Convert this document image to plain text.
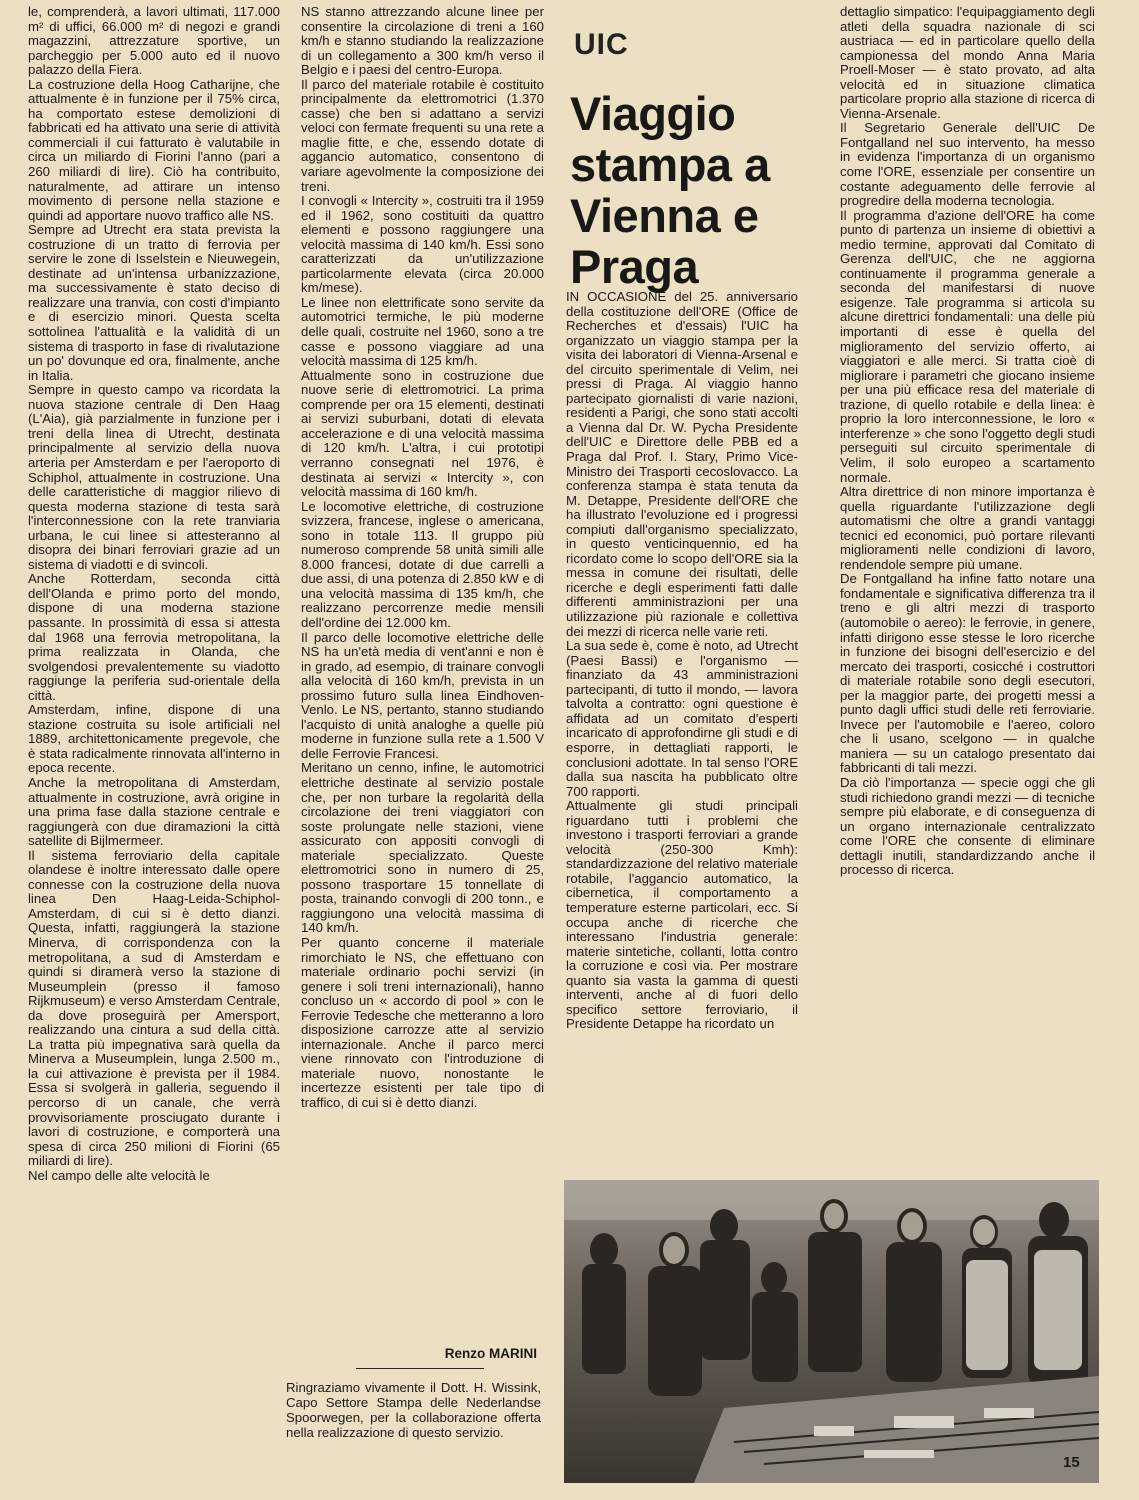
le, comprenderà, a lavori ultimati, 117.000 m² di uffici, 66.000 m² di negozi e grandi magazzini, attrezzature sportive, un parcheggio per 5.000 auto ed il nuovo palazzo della Fiera.

La costruzione della Hoog Catharijne, che attualmente è in funzione per il 75% circa, ha comportato estese demolizioni di fabbricati ed ha attivato una serie di attività commerciali il cui fatturato è valutabile in circa un miliardo di Fiorini l'anno (pari a 260 miliardi di lire). Ciò ha contribuito, naturalmente, ad attirare un intenso movimento di persone nella stazione e quindi ad apportare nuovo traffico alle NS.

Sempre ad Utrecht era stata prevista la costruzione di un tratto di ferrovia per servire le zone di Isselstein e Nieuwegein, destinate ad un'intensa urbanizzazione, ma successivamente è stato deciso di realizzare una tranvia, con costi d'impianto e di esercizio minori. Questa scelta sottolinea l'attualità e la validità di un sistema di trasporto in fase di rivalutazione un po' dovunque ed ora, finalmente, anche in Italia.

Sempre in questo campo va ricordata la nuova stazione centrale di Den Haag (L'Aia), già parzialmente in funzione per i treni della linea di Utrecht, destinata principalmente al servizio della nuova arteria per Amsterdam e per l'aeroporto di Schiphol, attualmente in costruzione. Una delle caratteristiche di maggior rilievo di questa moderna stazione di testa sarà l'interconnessione con la rete tranviaria urbana, le cui linee si attesteranno al disopra dei binari ferroviari grazie ad un sistema di viadotti e di svincoli.

Anche Rotterdam, seconda città dell'Olanda e primo porto del mondo, dispone di una moderna stazione passante. In prossimità di essa si attesta dal 1968 una ferrovia metropolitana, la prima realizzata in Olanda, che svolgendosi prevalentemente su viadotto raggiunge la periferia sud-orientale della città.

Amsterdam, infine, dispone di una stazione costruita su isole artificiali nel 1889, architettonicamente pregevole, che è stata radicalmente rinnovata all'interno in epoca recente.

Anche la metropolitana di Amsterdam, attualmente in costruzione, avrà origine in una prima fase dalla stazione centrale e raggiungerà con due diramazioni la città satellite di Bijlmermeer.

Il sistema ferroviario della capitale olandese è inoltre interessato dalle opere connesse con la costruzione della nuova linea Den Haag-Leida-Schiphol-Amsterdam, di cui si è detto dianzi. Questa, infatti, raggiungerà la stazione Minerva, di corrispondenza con la metropolitana, a sud di Amsterdam e quindi si diramerà verso la stazione di Museumplein (presso il famoso Rijkmuseum) e verso Amsterdam Centrale, da dove proseguirà per Amersport, realizzando una cintura a sud della città. La tratta più impegnativa sarà quella da Minerva a Museumplein, lunga 2.500 m., la cui attivazione è prevista per il 1984. Essa si svolgerà in galleria, seguendo il percorso di un canale, che verrà provvisoriamente prosciugato durante i lavori di costruzione, e comporterà una spesa di circa 250 milioni di Fiorini (65 miliardi di lire).

Nel campo delle alte velocità le

NS stanno attrezzando alcune linee per consentire la circolazione di treni a 160 km/h e stanno studiando la realizzazione di un collegamento a 300 km/h verso il Belgio e i paesi del centro-Europa.

Il parco del materiale rotabile è costituito principalmente da elettromotrici (1.370 casse) che ben si adattano a servizi veloci con fermate frequenti su una rete a maglie fitte, e che, essendo dotate di aggancio automatico, consentono di variare agevolmente la composizione dei treni.

I convogli « Intercity », costruiti tra il 1959 ed il 1962, sono costituiti da quattro elementi e possono raggiungere una velocità massima di 140 km/h. Essi sono caratterizzati da un'utilizzazione particolarmente elevata (circa 20.000 km/mese).

Le linee non elettrificate sono servite da automotrici termiche, le più moderne delle quali, costruite nel 1960, sono a tre casse e possono viaggiare ad una velocità massima di 125 km/h.

Attualmente sono in costruzione due nuove serie di elettromotrici. La prima comprende per ora 15 elementi, destinati ai servizi suburbani, dotati di elevata accelerazione e di una velocità massima di 120 km/h. L'altra, i cui prototipi verranno consegnati nel 1976, è destinata ai servizi « Intercity », con velocità massima di 160 km/h.

Le locomotive elettriche, di costruzione svizzera, francese, inglese o americana, sono in totale 113. Il gruppo più numeroso comprende 58 unità simili alle 8.000 francesi, dotate di due carrelli a due assi, di una potenza di 2.850 kW e di una velocità massima di 135 km/h, che realizzano percorrenze medie mensili dell'ordine dei 12.000 km.

Il parco delle locomotive elettriche delle NS ha un'età media di vent'anni e non è in grado, ad esempio, di trainare convogli alla velocità di 160 km/h, prevista in un prossimo futuro sulla linea Eindhoven-Venlo. Le NS, pertanto, stanno studiando l'acquisto di unità analoghe a quelle più moderne in funzione sulla rete a 1.500 V delle Ferrovie Francesi.

Meritano un cenno, infine, le automotrici elettriche destinate al servizio postale che, per non turbare la regolarità della circolazione dei treni viaggiatori con soste prolungate nelle stazioni, viene assicurato con appositi convogli di materiale specializzato. Queste elettromotrici sono in numero di 25, possono trasportare 15 tonnellate di posta, trainando convogli di 200 tonn., e raggiungono una velocità massima di 140 km/h.

Per quanto concerne il materiale rimorchiato le NS, che effettuano con materiale ordinario pochi servizi (in genere i soli treni internazionali), hanno concluso un « accordo di pool » con le Ferrovie Tedesche che metteranno a loro disposizione carrozze atte al servizio internazionale. Anche il parco merci viene rinnovato con l'introduzione di materiale nuovo, nonostante le incertezze esistenti per tale tipo di traffico, di cui si è detto dianzi.

Renzo MARINI
Ringraziamo vivamente il Dott. H. Wissink, Capo Settore Stampa delle Nederlandse Spoorwegen, per la collaborazione offerta nella realizzazione di questo servizio.
UIC
Viaggio stampa a Vienna e Praga

IN OCCASIONE del 25. anniversario della costituzione dell'ORE (Office de Recherches et d'essais) l'UIC ha organizzato un viaggio stampa per la visita dei laboratori di Vienna-Arsenal e del circuito sperimentale di Velim, nei pressi di Praga. Al viaggio hanno partecipato giornalisti di varie nazioni, residenti a Parigi, che sono stati accolti a Vienna dal Dr. W. Pycha Presidente dell'UIC e Direttore delle PBB ed a Praga dal Prof. I. Stary, Primo Vice-Ministro dei Trasporti cecoslovacco. La conferenza stampa è stata tenuta da M. Detappe, Presidente dell'ORE che ha illustrato l'evoluzione ed i progressi compiuti dall'organismo specializzato, in questo venticinquennio, ed ha ricordato come lo scopo dell'ORE sia la messa in comune dei risultati, delle ricerche e degli esperimenti fatti dalle differenti amministrazioni per una utilizzazione più razionale e collettiva dei mezzi di ricerca nelle varie reti.

La sua sede è, come è noto, ad Utrecht (Paesi Bassi) e l'organismo — finanziato da 43 amministrazioni partecipanti, di tutto il mondo, — lavora talvolta a contratto: ogni questione è affidata ad un comitato d'esperti incaricato di approfondirne gli studi e di esporre, in dettagliati rapporti, le conclusioni adottate. In tal senso l'ORE dalla sua nascita ha pubblicato oltre 700 rapporti.

Attualmente gli studi principali riguardano tutti i problemi che investono i trasporti ferroviari a grande velocità (250-300 Kmh): standardizzazione del relativo materiale rotabile, l'aggancio automatico, la cibernetica, il comportamento a temperature esterne particolari, ecc. Si occupa anche di ricerche che interessano l'industria generale: materie sintetiche, collanti, lotta contro la corruzione e così via. Per mostrare quanto sia vasta la gamma di questi interventi, anche al di fuori dello specifico settore ferroviario, il Presidente Detappe ha ricordato un

dettaglio simpatico: l'equipaggiamento degli atleti della squadra nazionale di sci austriaca — ed in particolare quello della campionessa del mondo Anna Maria Proell-Moser — è stato provato, ad alta velocità ed in situazione climatica particolare proprio alla stazione di ricerca di Vienna-Arsenale.

Il Segretario Generale dell'UIC De Fontgalland nel suo intervento, ha messo in evidenza l'importanza di un organismo come l'ORE, essenziale per consentire un costante adeguamento delle ferrovie al progredire della moderna tecnologia.

Il programma d'azione dell'ORE ha come punto di partenza un insieme di obiettivi a medio termine, approvati dal Comitato di Gerenza dell'UIC, che ne aggiorna continuamente il programma generale a seconda del manifestarsi di nuove esigenze. Tale programma si articola su alcune direttrici fondamentali: una delle più importanti di esse è quella del miglioramento del servizio offerto, ai viaggiatori e alle merci. Si tratta cioè di migliorare i parametri che giocano insieme per una più efficace resa del materiale di trazione, di quello rotabile e della linea: è proprio la loro interconnessione, le loro « interferenze » che sono l'oggetto degli studi perseguiti sul circuito sperimentale di Velim, il solo europeo a scartamento normale.

Altra direttrice di non minore importanza è quella riguardante l'utilizzazione degli automatismi che oltre a grandi vantaggi tecnici ed economici, può portare rilevanti miglioramenti nelle condizioni di lavoro, rendendole sempre più umane.

De Fontgalland ha infine fatto notare una fondamentale e significativa differenza tra il treno e gli altri mezzi di trasporto (automobile o aereo): le ferrovie, in genere, infatti dirigono esse stesse le loro ricerche in funzione dei bisogni dell'esercizio e del mercato dei trasporti, cosicché i costruttori di materiale rotabile sono degli esecutori, per la maggior parte, dei progetti messi a punto dagli uffici studi delle reti ferroviarie. Invece per l'automobile e l'aereo, coloro che li usano, scelgono — in qualche maniera — su un catalogo presentato dai fabbricanti di tali mezzi.

Da ciò l'importanza — specie oggi che gli studi richiedono grandi mezzi — di tecniche sempre più elaborate, e di conseguenza di un organo internazionale centralizzato come l'ORE che consente di eliminare dettagli inutili, standardizzando anche il processo di ricerca.

15
